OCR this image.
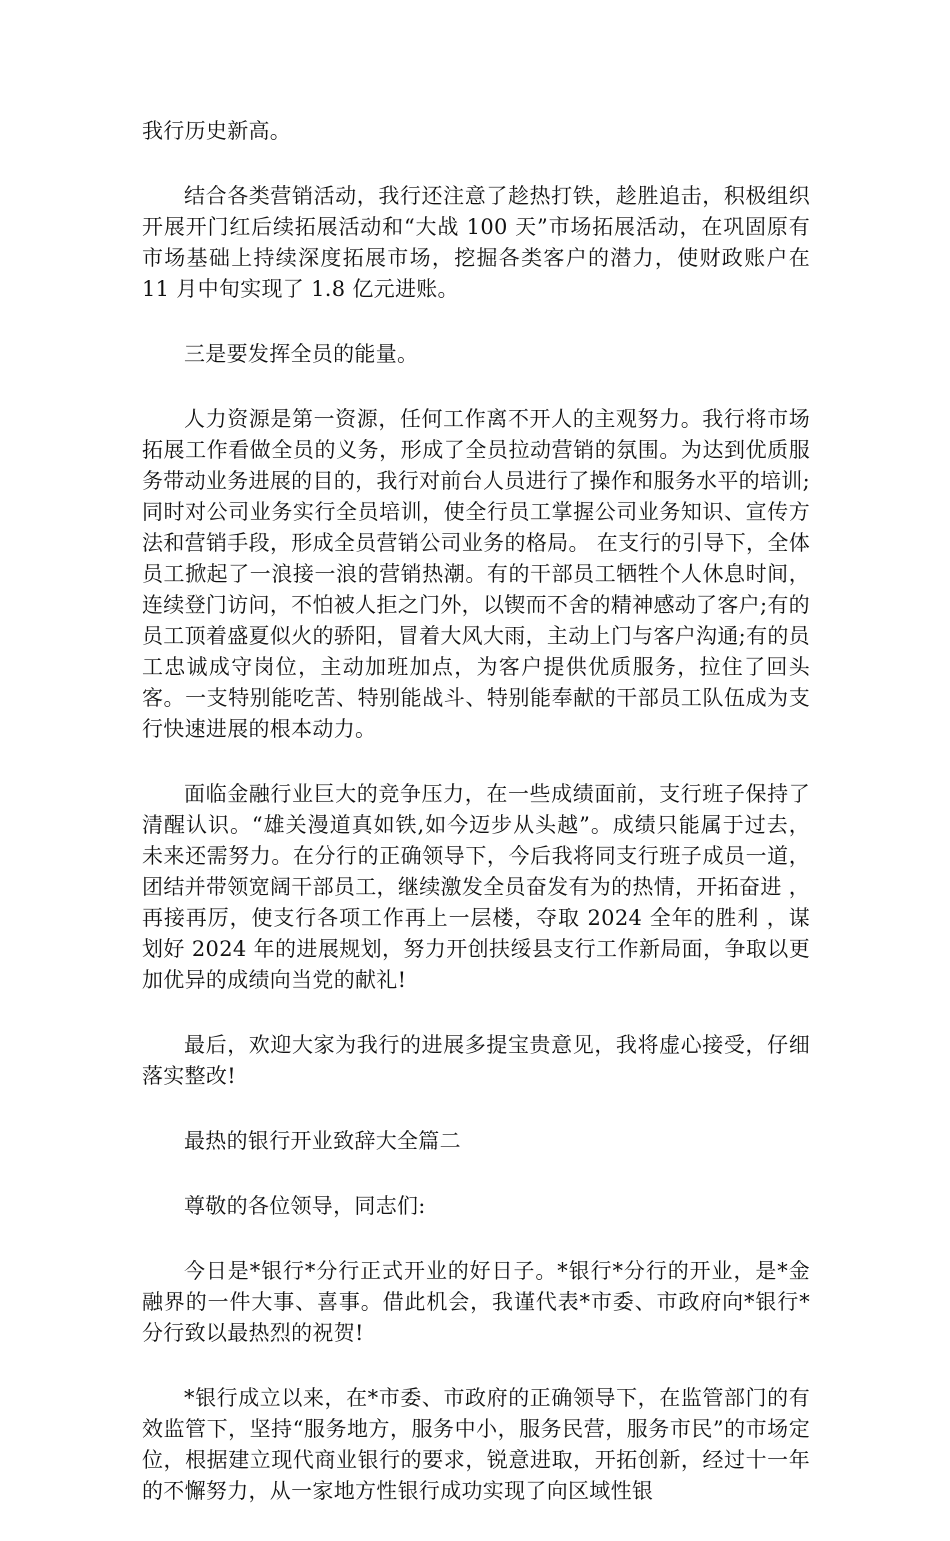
我行历史新高。

结合各类营销活动，我行还注意了趁热打铁，趁胜追击，积极组织开展开门红后续拓展活动和“大战 100 天”市场拓展活动，在巩固原有市场基础上持续深度拓展市场，挖掘各类客户的潜力，使财政账户在 11 月中旬实现了 1.8 亿元进账。

三是要发挥全员的能量。

人力资源是第一资源，任何工作离不开人的主观努力。我行将市场拓展工作看做全员的义务，形成了全员拉动营销的氛围。为达到优质服务带动业务进展的目的，我行对前台人员进行了操作和服务水平的培训;同时对公司业务实行全员培训，使全行员工掌握公司业务知识、宣传方法和营销手段，形成全员营销公司业务的格局。 在支行的引导下，全体员工掀起了一浪接一浪的营销热潮。有的干部员工牺牲个人休息时间，连续登门访问，不怕被人拒之门外，以锲而不舍的精神感动了客户;有的员工顶着盛夏似火的骄阳，冒着大风大雨，主动上门与客户沟通;有的员工忠诚成守岗位，主动加班加点，为客户提供优质服务，拉住了回头客。一支特别能吃苦、特别能战斗、特别能奉献的干部员工队伍成为支行快速进展的根本动力。

面临金融行业巨大的竞争压力，在一些成绩面前，支行班子保持了清醒认识。“雄关漫道真如铁,如今迈步从头越”。成绩只能属于过去，未来还需努力。在分行的正确领导下，今后我将同支行班子成员一道，团结并带领宽阔干部员工，继续激发全员奋发有为的热情，开拓奋进 ，再接再厉，使支行各项工作再上一层楼，夺取 2024 全年的胜利 ，谋划好 2024 年的进展规划，努力开创扶绥县支行工作新局面，争取以更加优异的成绩向当党的献礼!

最后，欢迎大家为我行的进展多提宝贵意见，我将虚心接受，仔细落实整改!

最热的银行开业致辞大全篇二

尊敬的各位领导，同志们:

今日是*银行*分行正式开业的好日子。*银行*分行的开业，是*金融界的一件大事、喜事。借此机会，我谨代表*市委、市政府向*银行*分行致以最热烈的祝贺!

*银行成立以来，在*市委、市政府的正确领导下，在监管部门的有效监管下，坚持“服务地方，服务中小，服务民营，服务市民”的市场定位，根据建立现代商业银行的要求，锐意进取，开拓创新，经过十一年的不懈努力，从一家地方性银行成功实现了向区域性银
